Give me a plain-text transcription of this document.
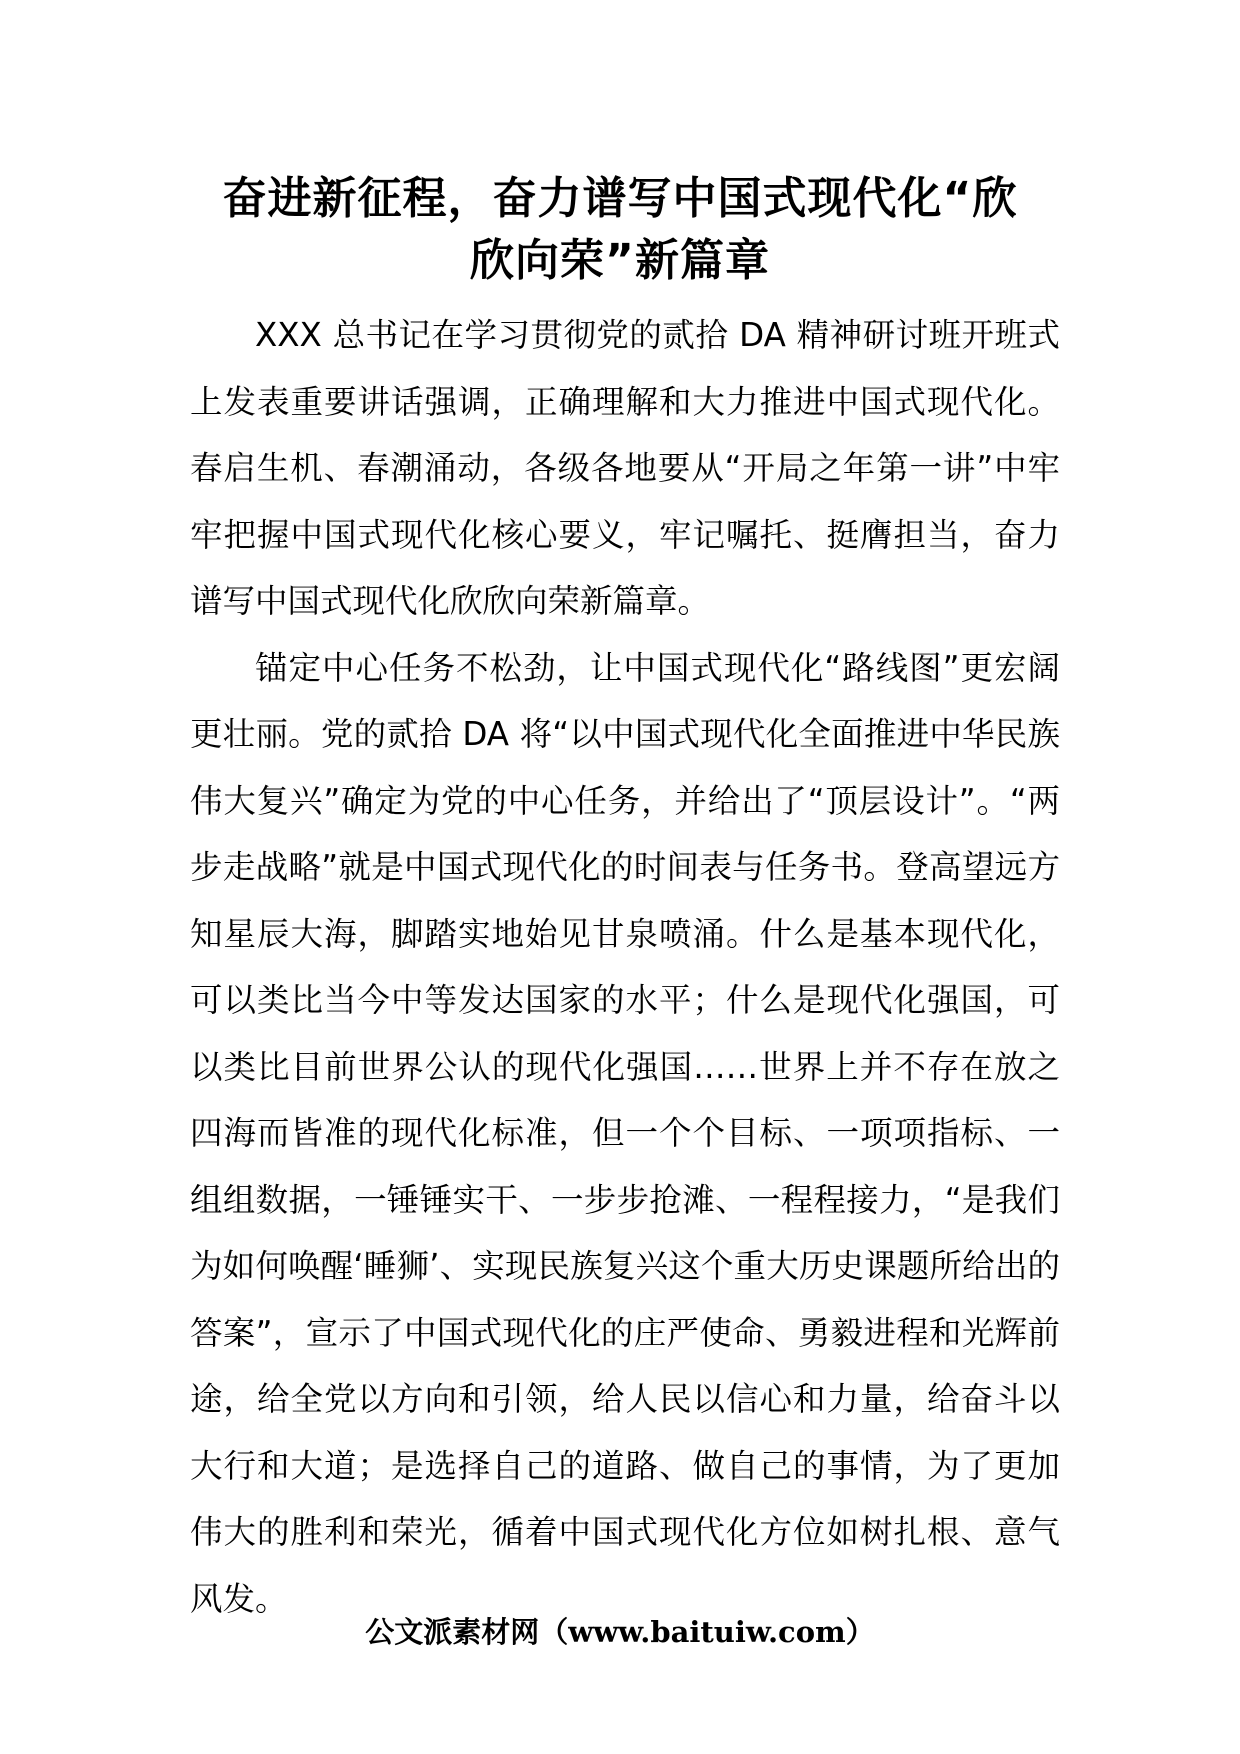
奋进新征程，奋力谱写中国式现代化“欣
欣向荣”新篇章

XXX 总书记在学习贯彻党的贰拾 DA 精神研讨班开班式上发表重要讲话强调，正确理解和大力推进中国式现代化。春启生机、春潮涌动，各级各地要从“开局之年第一讲”中牢牢把握中国式现代化核心要义，牢记嘱托、挺膺担当，奋力谱写中国式现代化欣欣向荣新篇章。

锚定中心任务不松劲，让中国式现代化“路线图”更宏阔更壮丽。党的贰拾 DA 将“以中国式现代化全面推进中华民族伟大复兴”确定为党的中心任务，并给出了“顶层设计”。“两步走战略”就是中国式现代化的时间表与任务书。登高望远方知星辰大海，脚踏实地始见甘泉喷涌。什么是基本现代化，可以类比当今中等发达国家的水平；什么是现代化强国，可以类比目前世界公认的现代化强国……世界上并不存在放之四海而皆准的现代化标准，但一个个目标、一项项指标、一组组数据，一锤锤实干、一步步抢滩、一程程接力，“是我们为如何唤醒‘睡狮’、实现民族复兴这个重大历史课题所给出的答案”，宣示了中国式现代化的庄严使命、勇毅进程和光辉前途，给全党以方向和引领，给人民以信心和力量，给奋斗以大行和大道；是选择自己的道路、做自己的事情，为了更加伟大的胜利和荣光，循着中国式现代化方位如树扎根、意气风发。

公文派素材网（www.baituiw.com）
